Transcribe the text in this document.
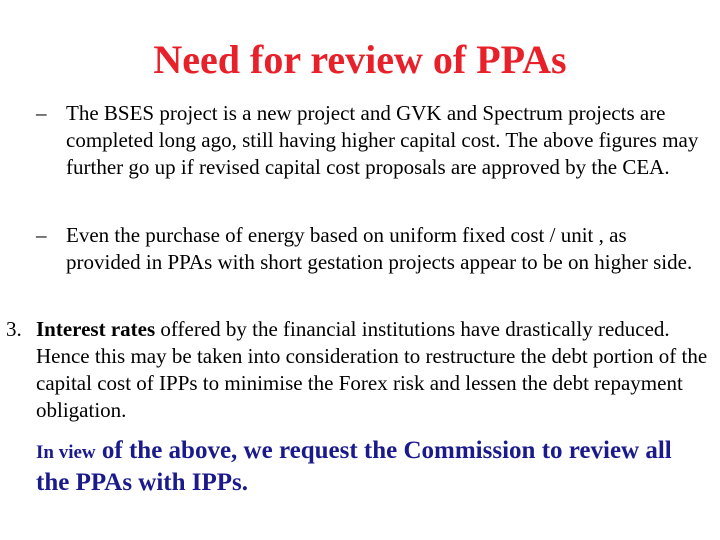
Need for review of PPAs
– The BSES project is a new project and GVK and Spectrum projects are completed long ago, still having higher capital cost. The above figures may further go up if revised capital cost proposals are approved by the CEA.
– Even the purchase of energy based on uniform fixed cost / unit , as provided in PPAs with short gestation projects appear to be on higher side.
3. Interest rates offered by the financial institutions have drastically reduced. Hence this may be taken into consideration to restructure the debt portion of the capital cost of IPPs to minimise the Forex risk and lessen the debt repayment obligation.
In view of the above, we request the Commission to review all the PPAs with IPPs.
